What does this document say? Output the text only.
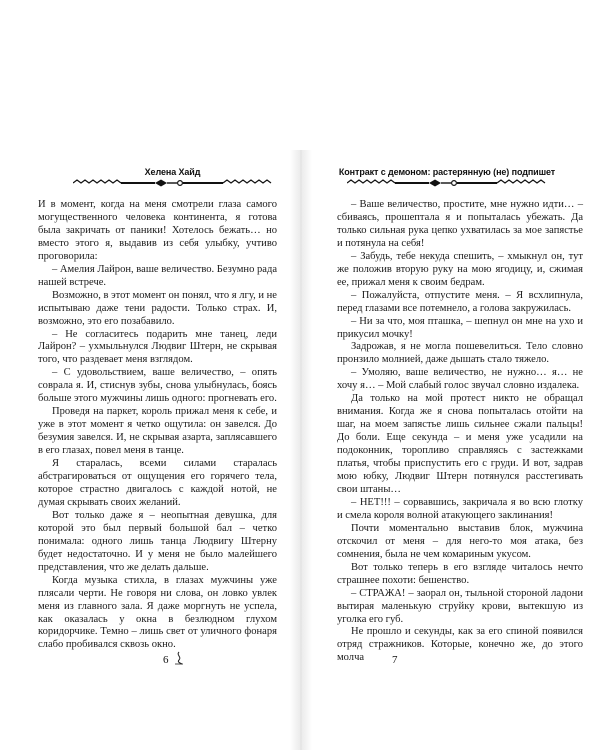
Хелена Хайд

И в момент, когда на меня смотрели глаза самого могущественного человека континента, я готова была закричать от паники! Хотелось бежать… но вместо этого я, выдавив из себя улыбку, учтиво проговорила:

– Амелия Лайрон, ваше величество. Безумно рада нашей встрече.

Возможно, в этот момент он понял, что я лгу, и не испытываю даже тени радости. Только страх. И, возможно, это его позабавило.

– Не согласитесь подарить мне танец, леди Лайрон? – ухмыльнулся Людвиг Штерн, не скрывая того, что раздевает меня взглядом.

– С удовольствием, ваше величество, – опять соврала я. И, стиснув зубы, снова улыбнулась, боясь больше этого мужчины лишь одного: прогневать его.

Проведя на паркет, король прижал меня к себе, и уже в этот момент я четко ощутила: он завелся. До безумия завелся. И, не скрывая азарта, заплясавшего в его глазах, повел меня в танце.

Я старалась, всеми силами старалась абстрагироваться от ощущения его горячего тела, которое страстно двигалось с каждой нотой, не думая скрывать своих желаний.

Вот только даже я – неопытная девушка, для которой это был первый большой бал – четко понимала: одного лишь танца Людвигу Штерну будет недостаточно. И у меня не было малейшего представления, что же делать дальше.

Когда музыка стихла, в глазах мужчины уже плясали черти. Не говоря ни слова, он ловко увлек меня из главного зала. Я даже моргнуть не успела, как оказалась у окна в безлюдном глухом коридорчике. Темно – лишь свет от уличного фонаря слабо пробивался сквозь окно.

6
Контракт с демоном: растерянную (не) подпишет

– Ваше величество, простите, мне нужно идти… – сбиваясь, прошептала я и попыталась убежать. Да только сильная рука цепко ухватилась за мое запястье и потянула на себя!

– Забудь, тебе некуда спешить, – хмыкнул он, тут же положив вторую руку на мою ягодицу, и, сжимая ее, прижал меня к своим бедрам.

– Пожалуйста, отпустите меня. – Я всхлипнула, перед глазами все потемнело, а голова закружилась.

– Ни за что, моя пташка, – шепнул он мне на ухо и прикусил мочку!

Задрожав, я не могла пошевелиться. Тело словно пронзило молнией, даже дышать стало тяжело.

– Умоляю, ваше величество, не нужно… я… не хочу я… – Мой слабый голос звучал словно издалека.

Да только на мой протест никто не обращал внимания. Когда же я снова попыталась отойти на шаг, на моем запястье лишь сильнее сжали пальцы! До боли. Еще секунда – и меня уже усадили на подоконник, торопливо справляясь с застежками платья, чтобы приспустить его с груди. И вот, задрав мою юбку, Людвиг Штерн потянулся расстегивать свои штаны…

– НЕТ!!! – сорвавшись, закричала я во всю глотку и смела короля волной атакующего заклинания!

Почти моментально выставив блок, мужчина отскочил от меня – для него-то моя атака, без сомнения, была не чем комариным укусом.

Вот только теперь в его взгляде читалось нечто страшнее похоти: бешенство.

– СТРАЖА! – заорал он, тыльной стороной ладони вытирая маленькую струйку крови, вытекшую из уголка его губ.

Не прошло и секунды, как за его спиной появился отряд стражников. Которые, конечно же, до этого молча	7
